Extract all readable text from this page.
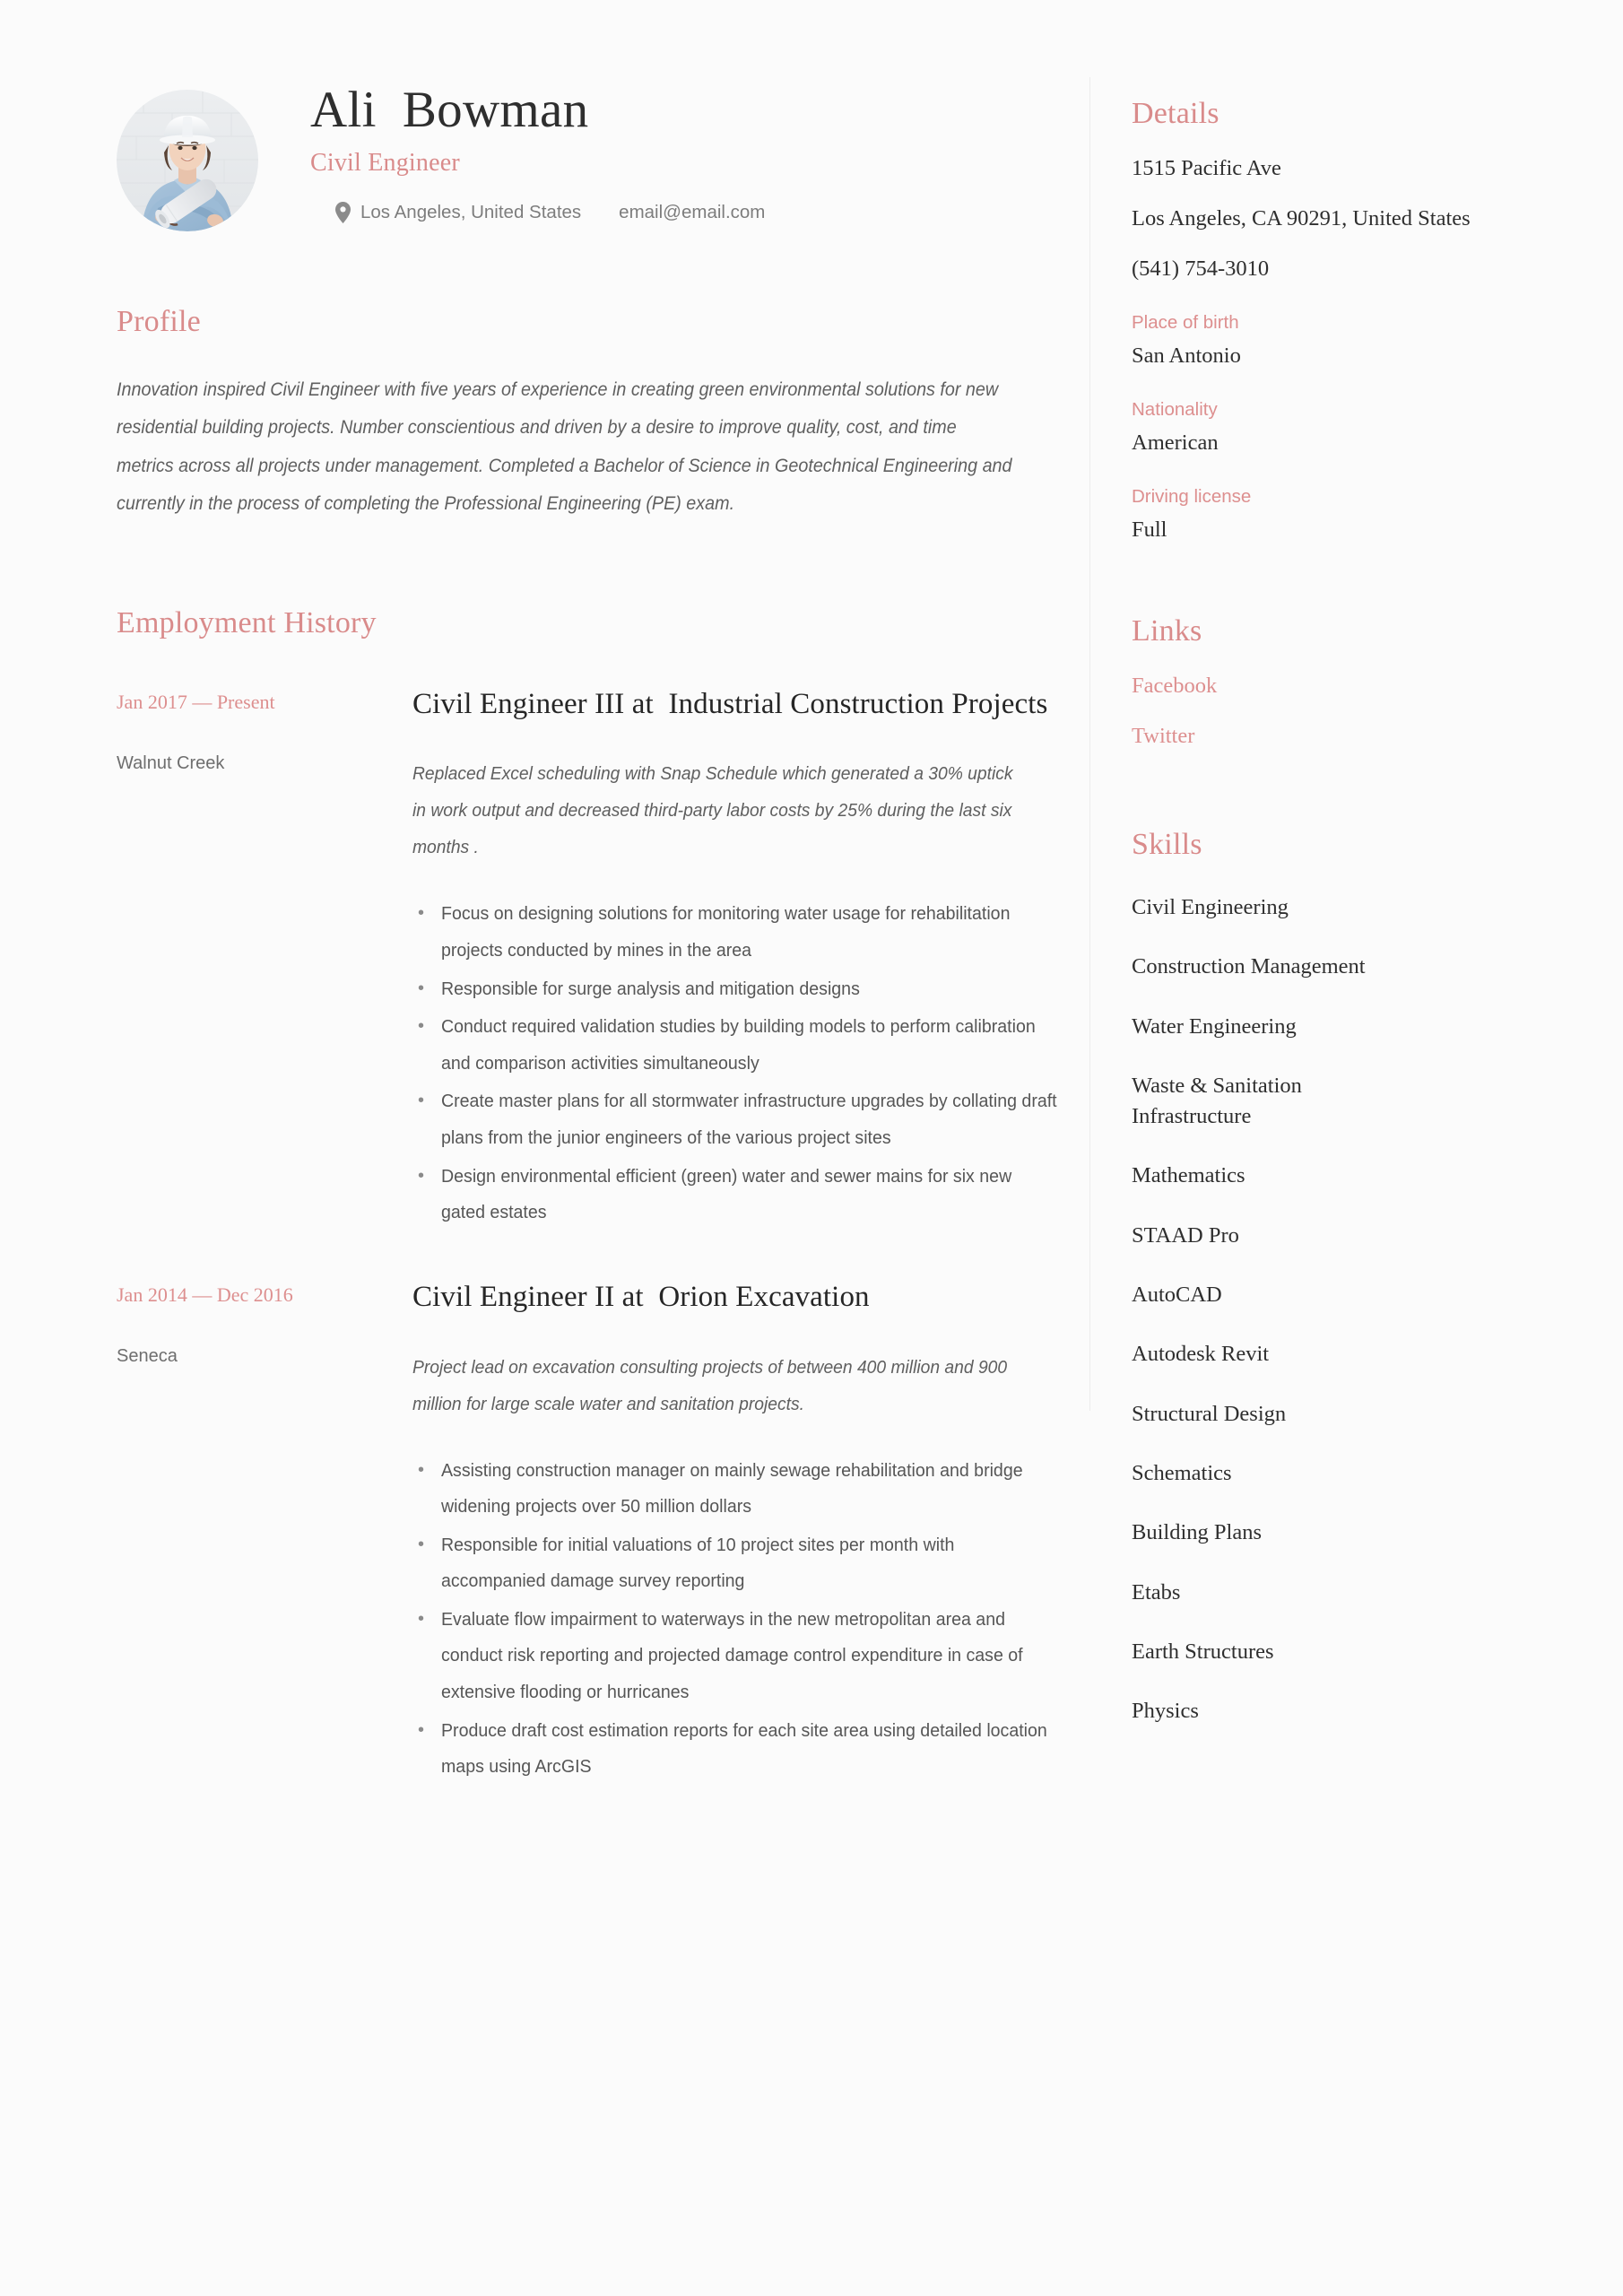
Ali  Bowman
Civil Engineer
Los Angeles, United States email@email.com
Profile

Innovation inspired Civil Engineer with five years of experience in creating green environmental solutions for new residential building projects. Number conscientious and driven by a desire to improve quality, cost, and time metrics across all projects under management. Completed a Bachelor of Science in Geotechnical Engineering and currently in the process of completing the Professional Engineering (PE) exam.

Employment History
Jan 2017 — Present
Walnut Creek
Civil Engineer III at  Industrial Construction Projects
Replaced Excel scheduling with Snap Schedule which generated a 30% uptick in work output and decreased third-party labor costs by 25% during the last six months .
• Focus on designing solutions for monitoring water usage for rehabilitation projects conducted by mines in the area
• Responsible for surge analysis and mitigation designs
• Conduct required validation studies by building models to perform calibration and comparison activities simultaneously
• Create master plans for all stormwater infrastructure upgrades by collating draft plans from the junior engineers of the various project sites
• Design environmental efficient (green) water and sewer mains for six new gated estates
Jan 2014 — Dec 2016
Seneca
Civil Engineer II at  Orion Excavation
Project lead on excavation consulting projects of between 400 million and 900 million for large scale water and sanitation projects.
• Assisting construction manager on mainly sewage rehabilitation and bridge widening projects over 50 million dollars
• Responsible for initial valuations of 10 project sites per month with accompanied damage survey reporting
• Evaluate flow impairment to waterways in the new metropolitan area and conduct risk reporting and projected damage control expenditure in case of extensive flooding or hurricanes
• Produce draft cost estimation reports for each site area using detailed location maps using ArcGIS
Details
1515 Pacific Ave
Los Angeles, CA 90291, United States
(541) 754-3010
Place of birth
San Antonio
Nationality
American
Driving license
Full
Links
Facebook
Twitter
Skills
Civil Engineering
Construction Management
Water Engineering
Waste & Sanitation Infrastructure
Mathematics
STAAD Pro
AutoCAD
Autodesk Revit
Structural Design
Schematics
Building Plans
Etabs
Earth Structures
Physics
